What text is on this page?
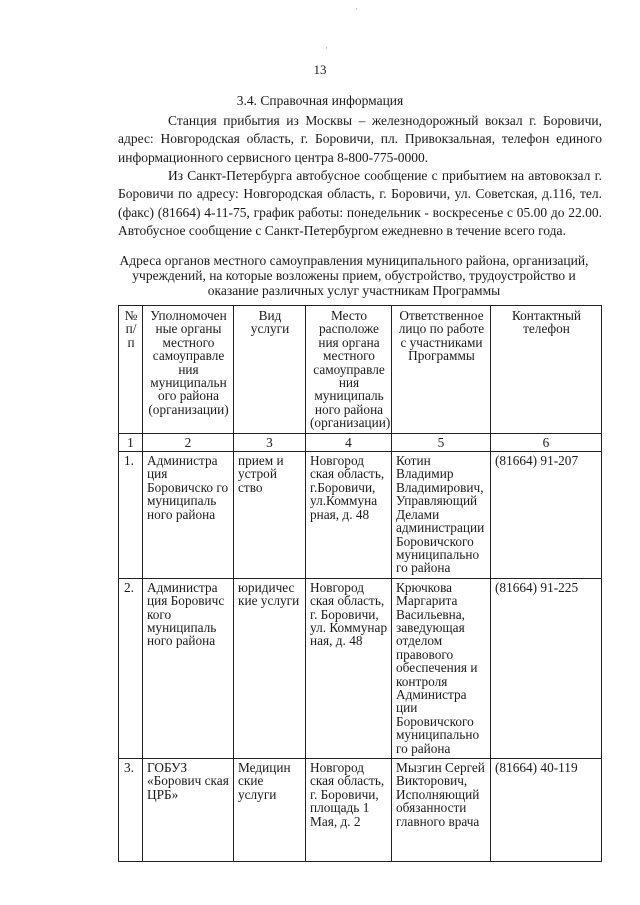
13
3.4. Справочная информация
Станция прибытия из Москвы – железнодорожный вокзал г. Боровичи, адрес: Новгородская область, г. Боровичи, пл. Привокзальная, телефон единого информационного сервисного центра 8-800-775-0000.
Из Санкт-Петербурга автобусное сообщение с прибытием на автовокзал г. Боровичи по адресу: Новгородская область, г. Боровичи, ул. Советская, д.116, тел. (факс) (81664) 4-11-75, график работы: понедельник - воскресенье с 05.00 до 22.00. Автобусное сообщение с Санкт-Петербургом ежедневно в течение всего года.
Адреса органов местного самоуправления муниципального района, организаций, учреждений, на которые возложены прием, обустройство, трудоустройство и оказание различных услуг участникам Программы
№ п/п	Уполномочен ные органы местного самоуправле ния муниципальн ого района (организации)	Вид услуги	Место расположе ния органа местного самоуправле ния муниципаль ного района (организации)	Ответственное лицо по работе с участниками Программы	Контактный телефон
1	2	3	4	5	6
1.	Администра ция Боровичско го муниципаль ного района	прием и устрой ство	Новгород ская область, г.Боровичи, ул.Коммуна рная, д. 48	Котин Владимир Владимирович, Управляющий Делами администрации Боровичского муниципально го района	(81664) 91-207
2.	Администра ция Боровичс кого муниципаль ного района	юридичес кие услуги	Новгород ская область, г. Боровичи, ул. Коммунар ная, д. 48	Крючкова Маргарита Васильевна, заведующая отделом правового обеспечения и контроля Администра ции Боровичского муниципально го района	(81664) 91-225
3.	ГОБУЗ «Борович ская ЦРБ»	Медицин ские услуги	Новгород ская область, г. Боровичи, площадь 1 Мая, д. 2	Мызгин Сергей Викторович, Исполняющий обязанности главного врача	(81664) 40-119
·
·
